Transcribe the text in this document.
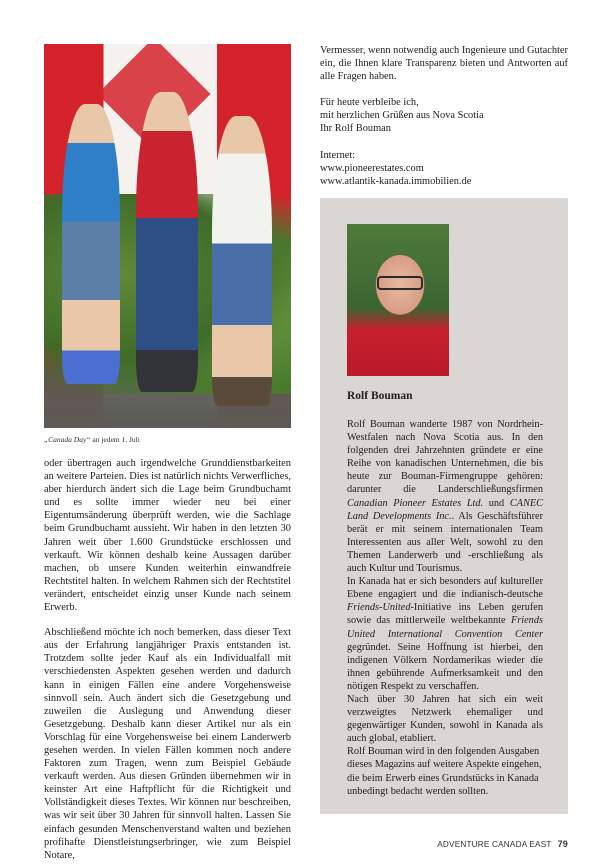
„Canada Day“ an jedem 1. Juli

oder übertragen auch irgendwelche Grunddienstbarkeiten an weitere Parteien. Dies ist natürlich nichts Verwerfliches, aber hierdurch ändert sich die Lage beim Grundbuchamt und es sollte immer wieder neu bei einer Eigentumsänderung überprüft werden, wie die Sachlage beim Grundbuchamt aussieht. Wir haben in den letzten 30 Jahren weit über 1.600 Grundstücke erschlossen und verkauft. Wir können deshalb keine Aussagen darüber machen, ob unsere Kunden weiterhin einwandfreie Rechtstitel halten. In welchem Rahmen sich der Rechtstitel verändert, entscheidet einzig unser Kunde nach seinem Erwerb.

Abschließend möchte ich noch bemerken, dass dieser Text aus der Erfahrung langjähriger Praxis entstanden ist. Trotzdem sollte jeder Kauf als ein Individualfall mit verschiedensten Aspekten gesehen werden und dadurch kann in einigen Fällen eine andere Vorgehensweise sinnvoll sein. Auch ändert sich die Gesetzgebung und zuweilen die Auslegung und Anwendung dieser Gesetzgebung. Deshalb kann dieser Artikel nur als ein Vorschlag für eine Vorgehensweise bei einem Landerwerb gesehen werden. In vielen Fällen kommen noch andere Faktoren zum Tragen, wenn zum Beispiel Gebäude verkauft werden. Aus diesen Gründen übernehmen wir in keinster Art eine Haftpflicht für die Richtigkeit und Vollständigkeit dieses Textes. Wir können nur beschreiben, was wir seit über 30 Jahren für sinnvoll halten. Lassen Sie einfach gesunden Menschenverstand walten und beziehen profihafte Dienstleistungserbringer, wie zum Beispiel Notare,

Vermesser, wenn notwendig auch Ingenieure und Gutachter ein, die Ihnen klare Transparenz bieten und Antworten auf alle Fragen haben.

Für heute verbleibe ich,
mit herzlichen Grüßen aus Nova Scotia
Ihr Rolf Bouman

Internet:
www.pioneerestates.com
www.atlantik-kanada.immobilien.de

Rolf Bouman

Rolf Bouman wanderte 1987 von Nordrhein-Westfalen nach Nova Scotia aus. In den folgenden drei Jahrzehnten gründete er eine Reihe von kanadischen Unternehmen, die bis heute zur Bouman-Firmengruppe gehören: darunter die Landerschließungsfirmen Canadian Pioneer Estates Ltd. und CANEC Land Developments Inc.. Als Geschäftsführer berät er mit seinem internationalen Team Interessenten aus aller Welt, sowohl zu den Themen Landerwerb und -erschließung als auch Kultur und Tourismus.

In Kanada hat er sich besonders auf kultureller Ebene engagiert und die indianisch-deutsche Friends-United-Initiative ins Leben gerufen sowie das mittlerweile weltbekannte Friends United International Convention Center gegründet. Seine Hoffnung ist hierbei, den indigenen Völkern Nordamerikas wieder die ihnen gebührende Aufmerksamkeit und den nötigen Respekt zu verschaffen.

Nach über 30 Jahren hat sich ein weit verzweigtes Netzwerk ehemaliger und gegenwärtiger Kunden, sowohl in Kanada als auch global, etabliert.

Rolf Bouman wird in den folgenden Ausgaben dieses Magazins auf weitere Aspekte eingehen, die beim Erwerb eines Grundstücks in Kanada unbedingt bedacht werden sollten.

ADVENTURE CANADA EAST 79
